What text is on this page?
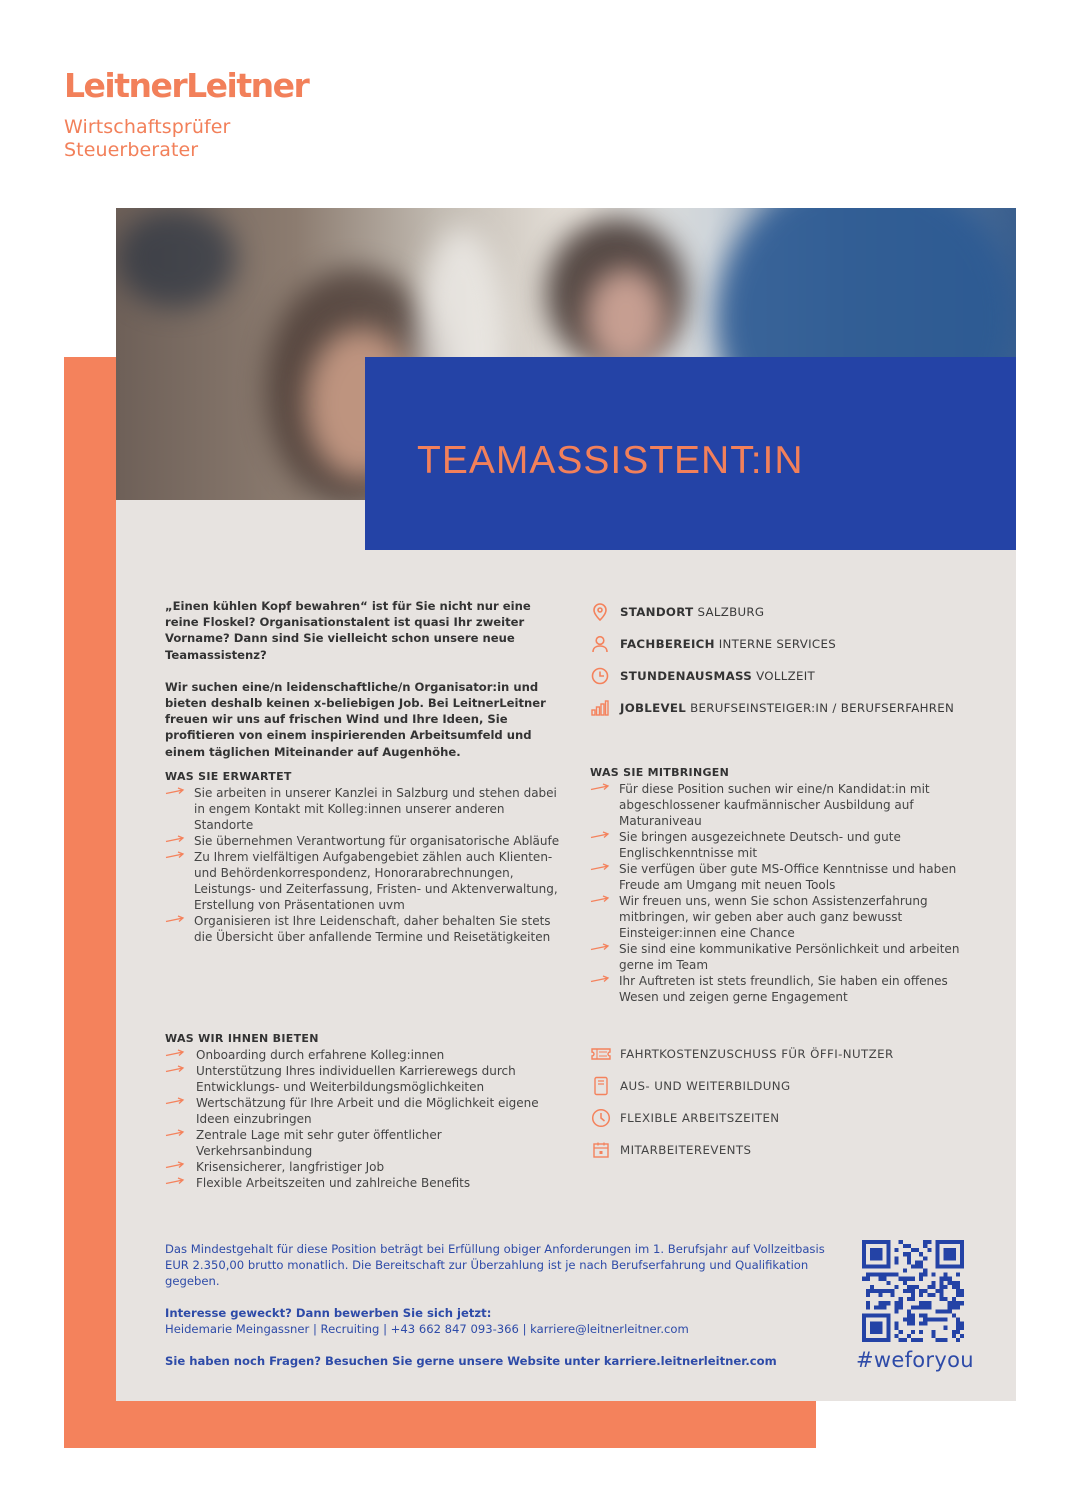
LeitnerLeitner
Wirtschaftsprüfer
Steuerberater
TEAMASSISTENT:IN

„Einen kühlen Kopf bewahren“ ist für Sie nicht nur eine reine Floskel? Organisationstalent ist quasi Ihr zweiter Vorname? Dann sind Sie vielleicht schon unsere neue Teamassistenz?

Wir suchen eine/n leidenschaftliche/n Organisator:in und bieten deshalb keinen x-beliebigen Job. Bei LeitnerLeitner freuen wir uns auf frischen Wind und Ihre Ideen, Sie profitieren von einem inspirierenden Arbeitsumfeld und einem täglichen Miteinander auf Augenhöhe.

STANDORT SALZBURG
FACHBEREICH INTERNE SERVICES
STUNDENAUSMASS VOLLZEIT
JOBLEVEL BERUFSEINSTEIGER:IN / BERUFSERFAHREN
WAS SIE ERWARTET
Sie arbeiten in unserer Kanzlei in Salzburg und stehen dabei in engem Kontakt mit Kolleg:innen unserer anderen Standorte
Sie übernehmen Verantwortung für organisatorische Abläufe
Zu Ihrem vielfältigen Aufgabengebiet zählen auch Klienten- und Behördenkorrespondenz, Honorarabrechnungen, Leistungs- und Zeiterfassung, Fristen- und Aktenverwaltung, Erstellung von Präsentationen uvm
Organisieren ist Ihre Leidenschaft, daher behalten Sie stets die Übersicht über anfallende Termine und Reisetätigkeiten
WAS SIE MITBRINGEN
Für diese Position suchen wir eine/n Kandidat:in mit abgeschlossener kaufmännischer Ausbildung auf Maturaniveau
Sie bringen ausgezeichnete Deutsch- und gute Englischkenntnisse mit
Sie verfügen über gute MS-Office Kenntnisse und haben Freude am Umgang mit neuen Tools
Wir freuen uns, wenn Sie schon Assistenzerfahrung mitbringen, wir geben aber auch ganz bewusst Einsteiger:innen eine Chance
Sie sind eine kommunikative Persönlichkeit und arbeiten gerne im Team
Ihr Auftreten ist stets freundlich, Sie haben ein offenes Wesen und zeigen gerne Engagement
WAS WIR IHNEN BIETEN
Onboarding durch erfahrene Kolleg:innen
Unterstützung Ihres individuellen Karrierewegs durch Entwicklungs- und Weiterbildungsmöglichkeiten
Wertschätzung für Ihre Arbeit und die Möglichkeit eigene Ideen einzubringen
Zentrale Lage mit sehr guter öffentlicher Verkehrsanbindung
Krisensicherer, langfristiger Job
Flexible Arbeitszeiten und zahlreiche Benefits
FAHRTKOSTENZUSCHUSS FÜR ÖFFI-NUTZER
AUS- UND WEITERBILDUNG
FLEXIBLE ARBEITSZEITEN
MITARBEITEREVENTS

Das Mindestgehalt für diese Position beträgt bei Erfüllung obiger Anforderungen im 1. Berufsjahr auf Vollzeitbasis EUR 2.350,00 brutto monatlich. Die Bereitschaft zur Überzahlung ist je nach Berufserfahrung und Qualifikation gegeben.

Interesse geweckt? Dann bewerben Sie sich jetzt:

Heidemarie Meingassner | Recruiting | +43 662 847 093-366 | karriere@leitnerleitner.com

Sie haben noch Fragen? Besuchen Sie gerne unsere Website unter karriere.leitnerleitner.com	#weforyou
